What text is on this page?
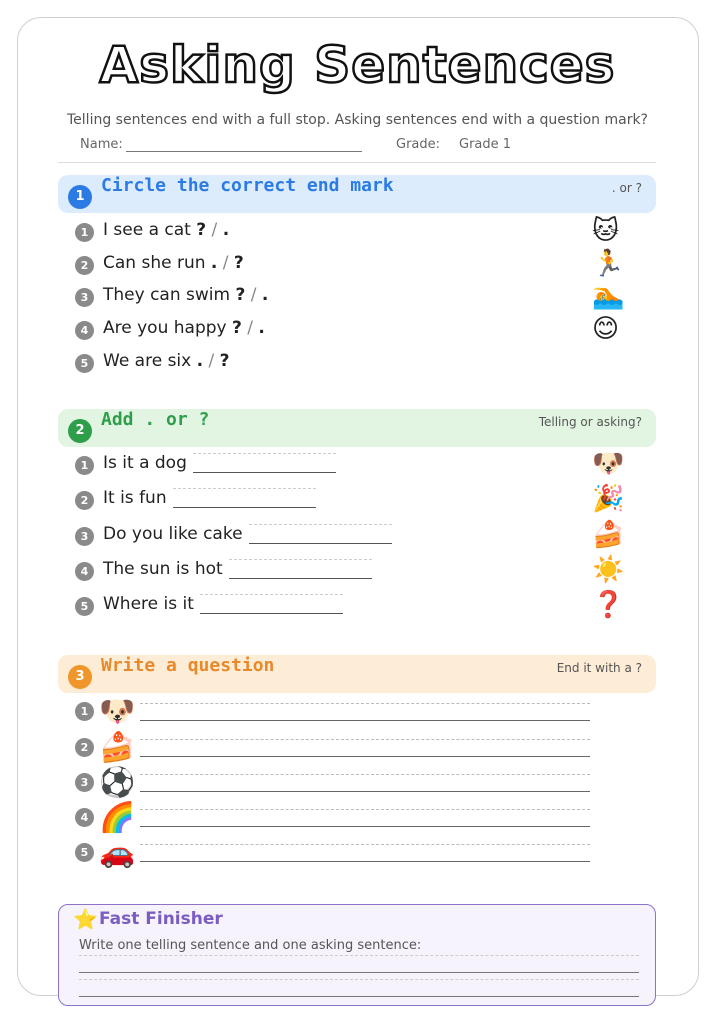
Asking Sentences
Telling sentences end with a full stop. Asking sentences end with a question mark?
Name:	Grade: Grade 1
1
Circle the correct end mark	. or ?
1 I see a cat ? / .	🐱
2 Can she run . / ?	🏃
3 They can swim ? / .	🏊
4 Are you happy ? / .	😊
5 We are six . / ?
2
Add . or ?	Telling or asking?
1 Is it a dog	🐶
2 It is fun	🎉
3 Do you like cake	🍰
4 The sun is hot	☀️
5 Where is it	❓
3
Write a question	End it with a ?
1 🐶
2 🍰
3 ⚽
4 🌈
5 🚗
⭐ Fast Finisher
Write one telling sentence and one asking sentence:
